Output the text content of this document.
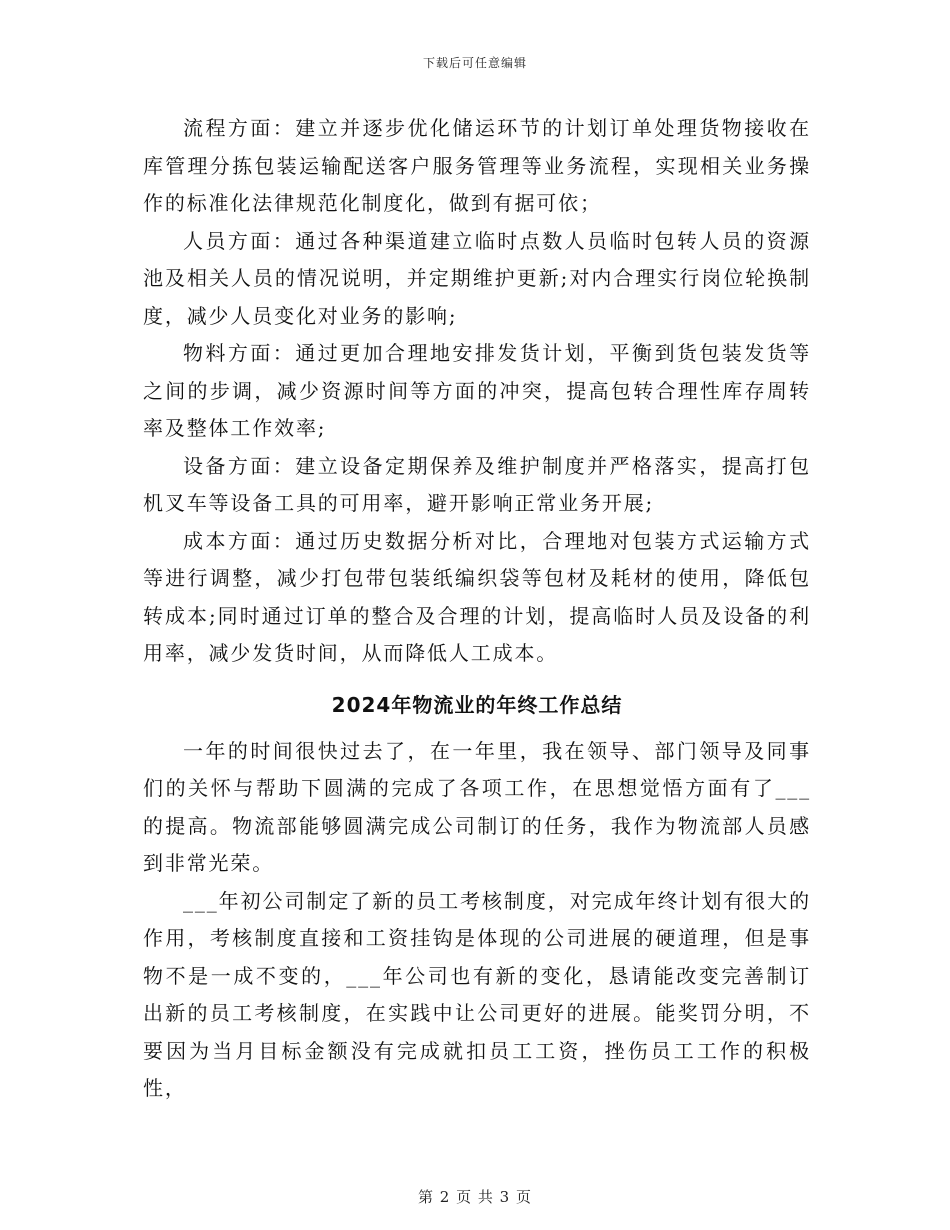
下载后可任意编辑

流程方面：建立并逐步优化储运环节的计划订单处理货物接收在库管理分拣包装运输配送客户服务管理等业务流程，实现相关业务操作的标准化法律规范化制度化，做到有据可依；

人员方面：通过各种渠道建立临时点数人员临时包转人员的资源池及相关人员的情况说明，并定期维护更新;对内合理实行岗位轮换制度，减少人员变化对业务的影响;

物料方面：通过更加合理地安排发货计划，平衡到货包装发货等之间的步调，减少资源时间等方面的冲突，提高包转合理性库存周转率及整体工作效率;

设备方面：建立设备定期保养及维护制度并严格落实，提高打包机叉车等设备工具的可用率，避开影响正常业务开展;

成本方面：通过历史数据分析对比，合理地对包装方式运输方式等进行调整，减少打包带包装纸编织袋等包材及耗材的使用，降低包转成本;同时通过订单的整合及合理的计划，提高临时人员及设备的利用率，减少发货时间，从而降低人工成本。

2024年物流业的年终工作总结

一年的时间很快过去了，在一年里，我在领导、部门领导及同事们的关怀与帮助下圆满的完成了各项工作，在思想觉悟方面有了___的提高。物流部能够圆满完成公司制订的任务，我作为物流部人员感到非常光荣。

___年初公司制定了新的员工考核制度，对完成年终计划有很大的作用，考核制度直接和工资挂钩是体现的公司进展的硬道理，但是事物不是一成不变的，___年公司也有新的变化，恳请能改变完善制订出新的员工考核制度，在实践中让公司更好的进展。能奖罚分明，不要因为当月目标金额没有完成就扣员工工资，挫伤员工工作的积极性，

第 2 页 共 3 页
